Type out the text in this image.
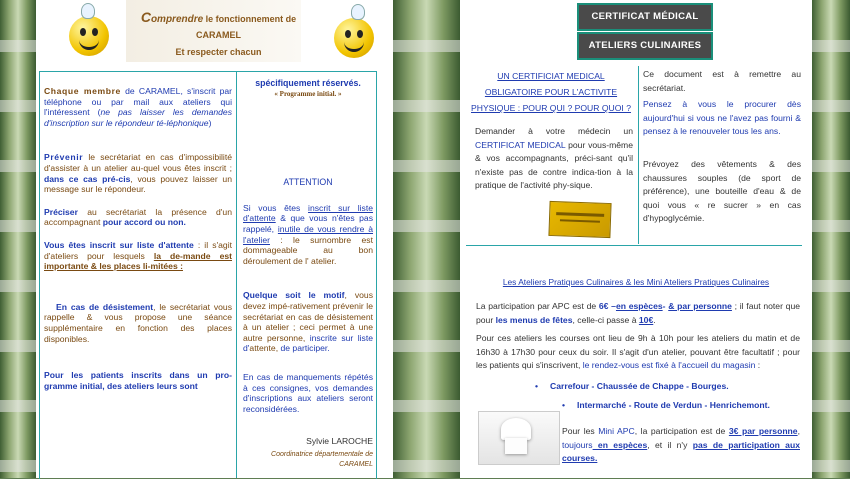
Comprendre le fonctionnement de
CARAMEL
Et respecter chacun

Chaque membre de CARAMEL, s'inscrit par téléphone ou par mail aux ateliers qui l'intéressent (ne pas laisser les demandes d'inscription sur le répondeur té-léphonique)

Prévenir le secrétariat en cas d'impossibilité d'assister à un atelier au-quel vous êtes inscrit ; dans ce cas pré-cis, vous pouvez laisser un message sur le répondeur.

Préciser au secrétariat la présence d'un accompagnant pour accord ou non.

Vous êtes inscrit sur liste d'attente : il s'agit d'ateliers pour lesquels la de-mande est importante & les places li-mitées :

En cas de désistement, le secrétariat vous rappelle & vous propose une séance supplémentaire en fonction des places disponibles.

Pour les patients inscrits dans un pro-gramme initial, des ateliers leurs sont

spécifiquement réservés.

« Programme initial. »

ATTENTION

Si vous êtes inscrit sur liste d'attente & que vous n'êtes pas rappelé, inutile de vous rendre à l'atelier : le surnombre est dommageable au bon déroulement de l' atelier.

Quelque soit le motif, vous devez impé-rativement prévenir le secrétariat en cas de désistement à un atelier ; ceci permet à une autre personne, inscrite sur liste d'attente, de participer.

En cas de manquements répétés à ces consignes, vos demandes d'inscriptions aux ateliers seront reconsidérées.

Sylvie LAROCHE

Coordinatrice départementale de CARAMEL

CERTIFICAT MÉDICAL
ATELIERS CULINAIRES
UN CERTIFICIAT MEDICAL
OBLIGATOIRE POUR L'ACTIVITE
PHYSIQUE : POUR QUI ? POUR QUOI ?

Demander à votre médecin un CERTIFICAT MEDICAL pour vous-même & vos accompagnants, préci-sant qu'il n'existe pas de contre indica-tion à la pratique de l'activité phy-sique.

Ce document est à remettre au secrétariat.

Pensez à vous le procurer dès aujourd'hui si vous ne l'avez pas fourni & pensez à le renouveler tous les ans.

Prévoyez des vêtements & des chaussures souples (de sport de préférence), une bouteille d'eau & de quoi vous « re sucrer » en cas d'hypoglycémie.

Les Ateliers Pratiques Culinaires & les Mini Ateliers Pratiques Culinaires

La participation par APC est de 6€ –en espèces- & par personne ; il faut noter que pour les menus de fêtes, celle-ci passe à 10€.

Pour ces ateliers les courses ont lieu de 9h à 10h pour les ateliers du matin et de 16h30 à 17h30 pour ceux du soir. Il s'agit d'un atelier, pouvant être facultatif ; pour les patients qui s'inscrivent, le rendez-vous est fixé à l'accueil du magasin :

• Carrefour - Chaussée de Chappe - Bourges.
• Intermarché - Route de Verdun - Henrichemont.

Pour les Mini APC, la participation est de 3€ par personne, toujours en espèces, et il n'y pas de participation aux courses.
